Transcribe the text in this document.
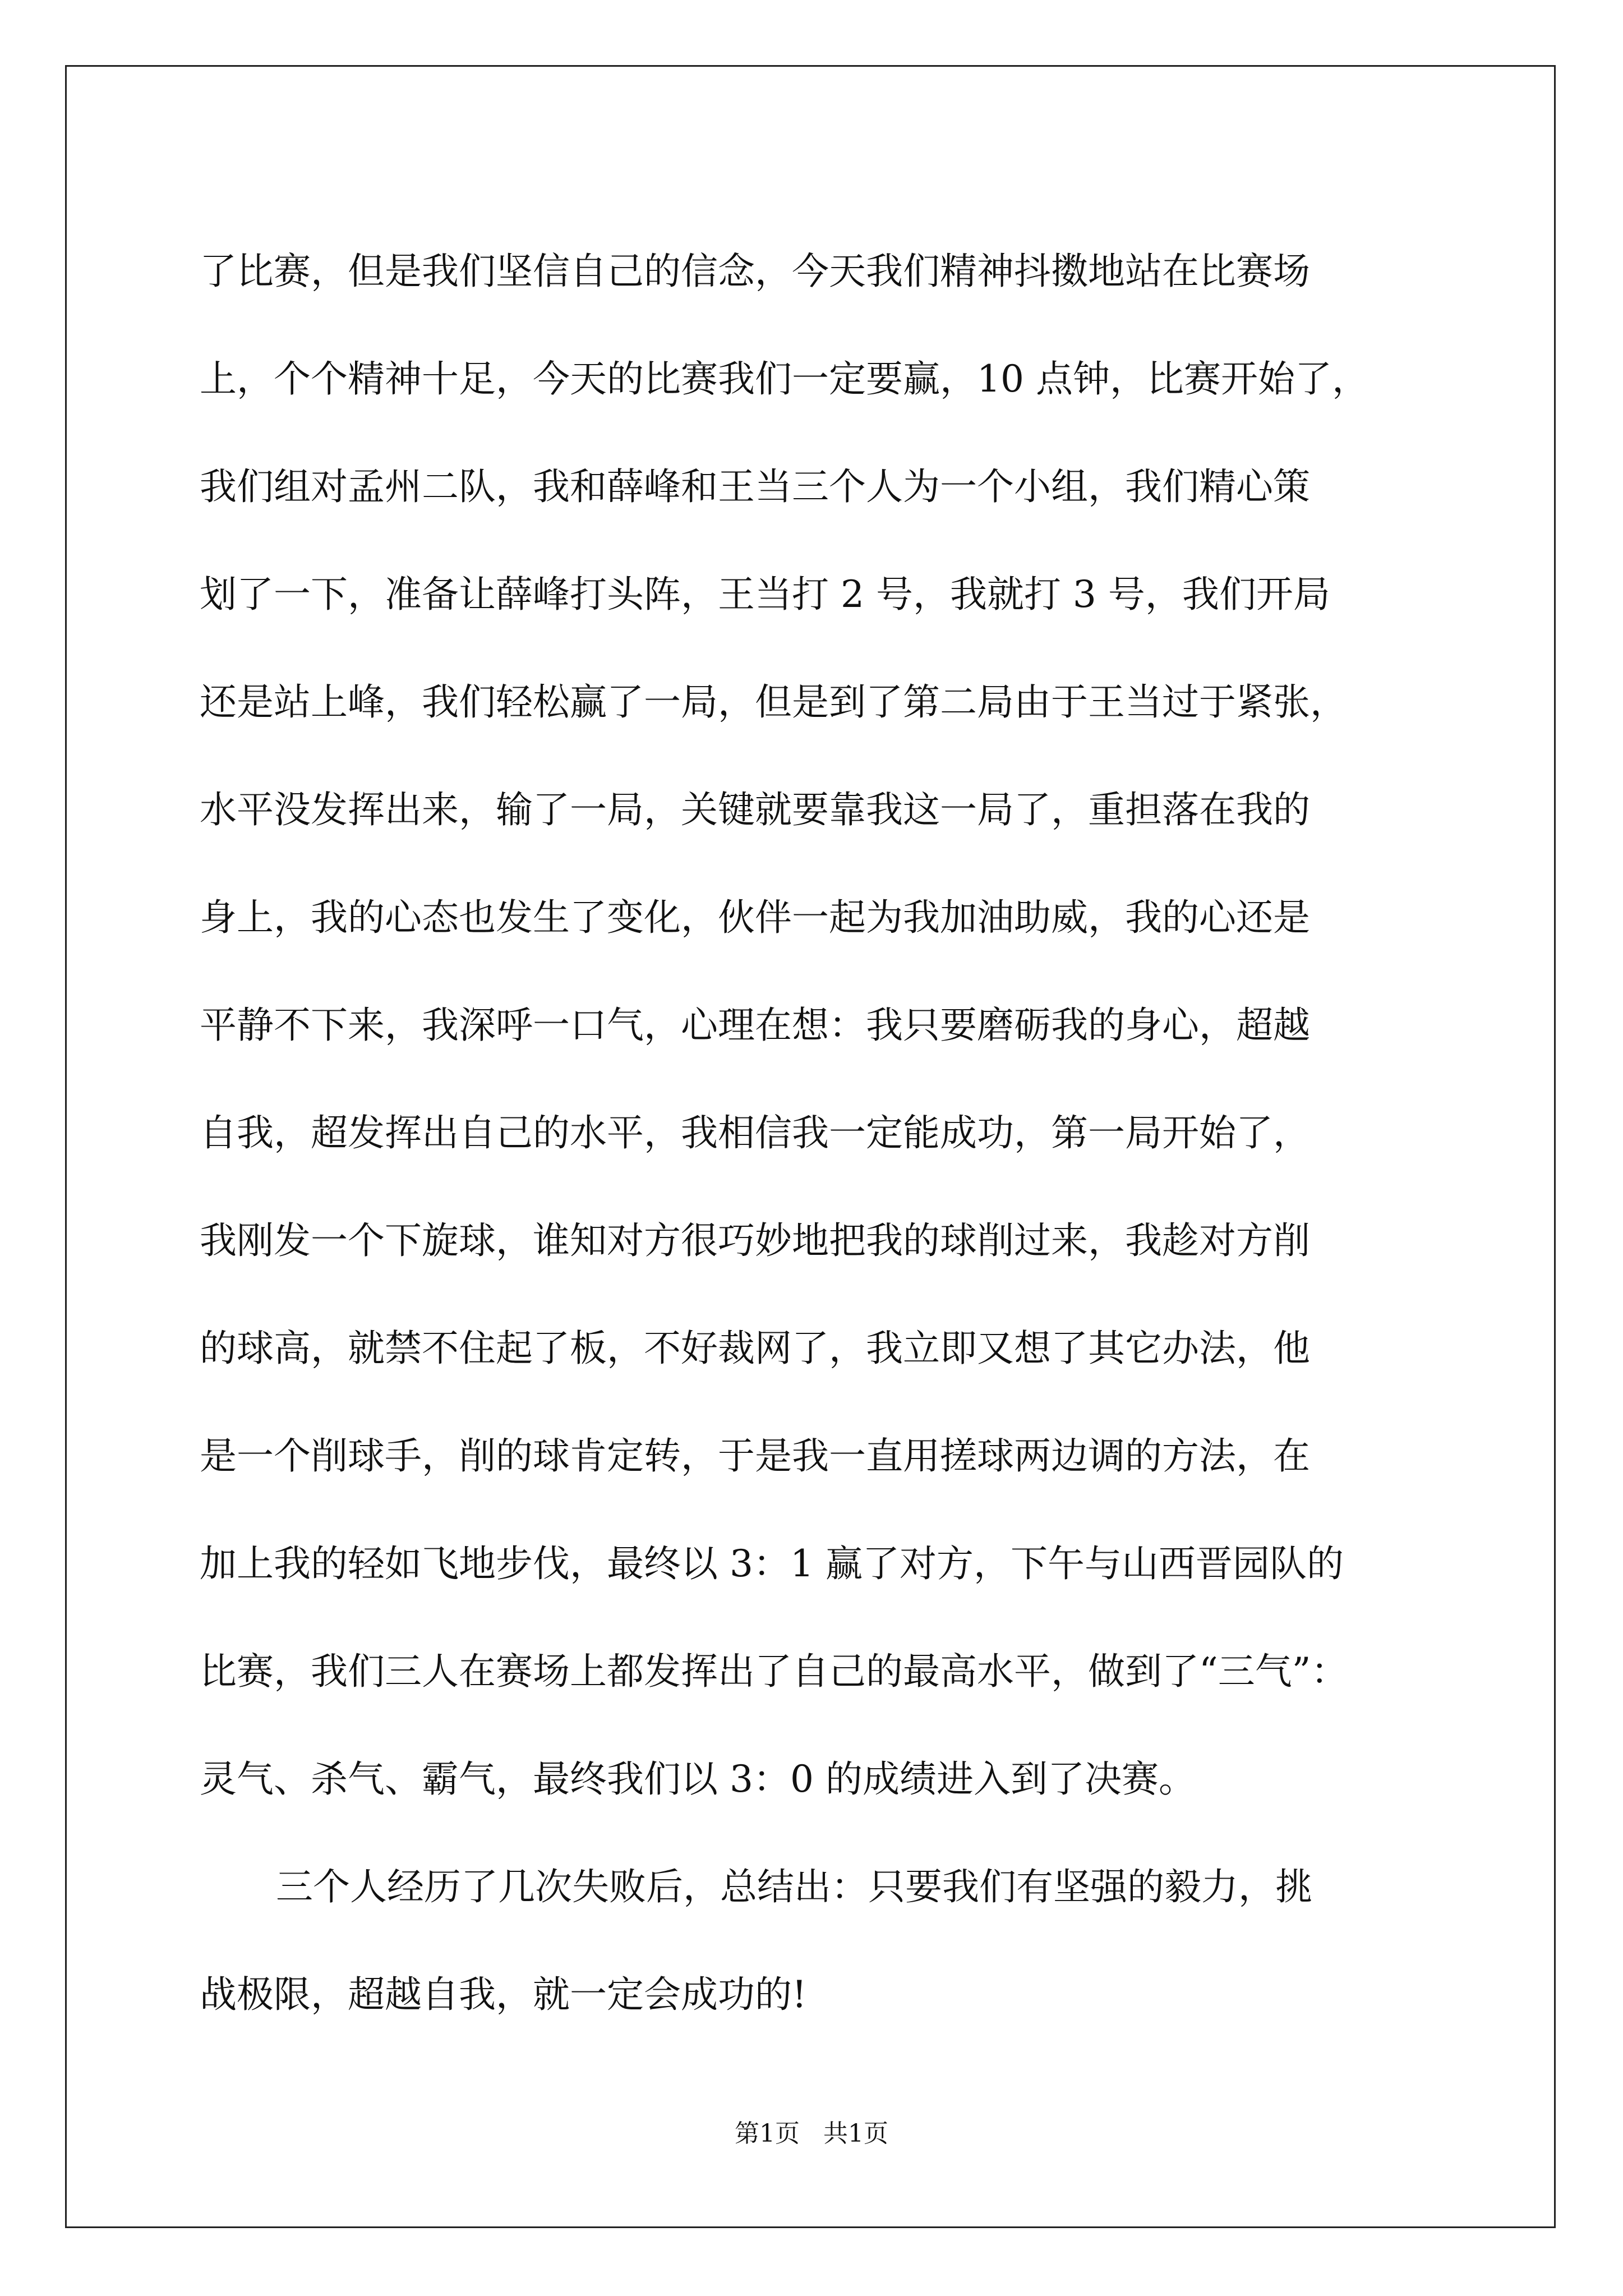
了比赛，但是我们坚信自己的信念，今天我们精神抖擞地站在比赛场
上，个个精神十足，今天的比赛我们一定要赢，10 点钟，比赛开始了，
我们组对孟州二队，我和薛峰和王当三个人为一个小组，我们精心策
划了一下，准备让薛峰打头阵，王当打 2 号，我就打 3 号，我们开局
还是站上峰，我们轻松赢了一局，但是到了第二局由于王当过于紧张，
水平没发挥出来，输了一局，关键就要靠我这一局了，重担落在我的
身上，我的心态也发生了变化，伙伴一起为我加油助威，我的心还是
平静不下来，我深呼一口气，心理在想：我只要磨砺我的身心，超越
自我，超发挥出自己的水平，我相信我一定能成功，第一局开始了，
我刚发一个下旋球，谁知对方很巧妙地把我的球削过来，我趁对方削
的球高，就禁不住起了板，不好裁网了，我立即又想了其它办法，他
是一个削球手，削的球肯定转，于是我一直用搓球两边调的方法，在
加上我的轻如飞地步伐，最终以 3：1 赢了对方，下午与山西晋园队的
比赛，我们三人在赛场上都发挥出了自己的最高水平，做到了“三气”：
灵气、杀气、霸气，最终我们以 3：0 的成绩进入到了决赛。
三个人经历了几次失败后，总结出：只要我们有坚强的毅力，挑
战极限，超越自我，就一定会成功的!
第1页   共1页
